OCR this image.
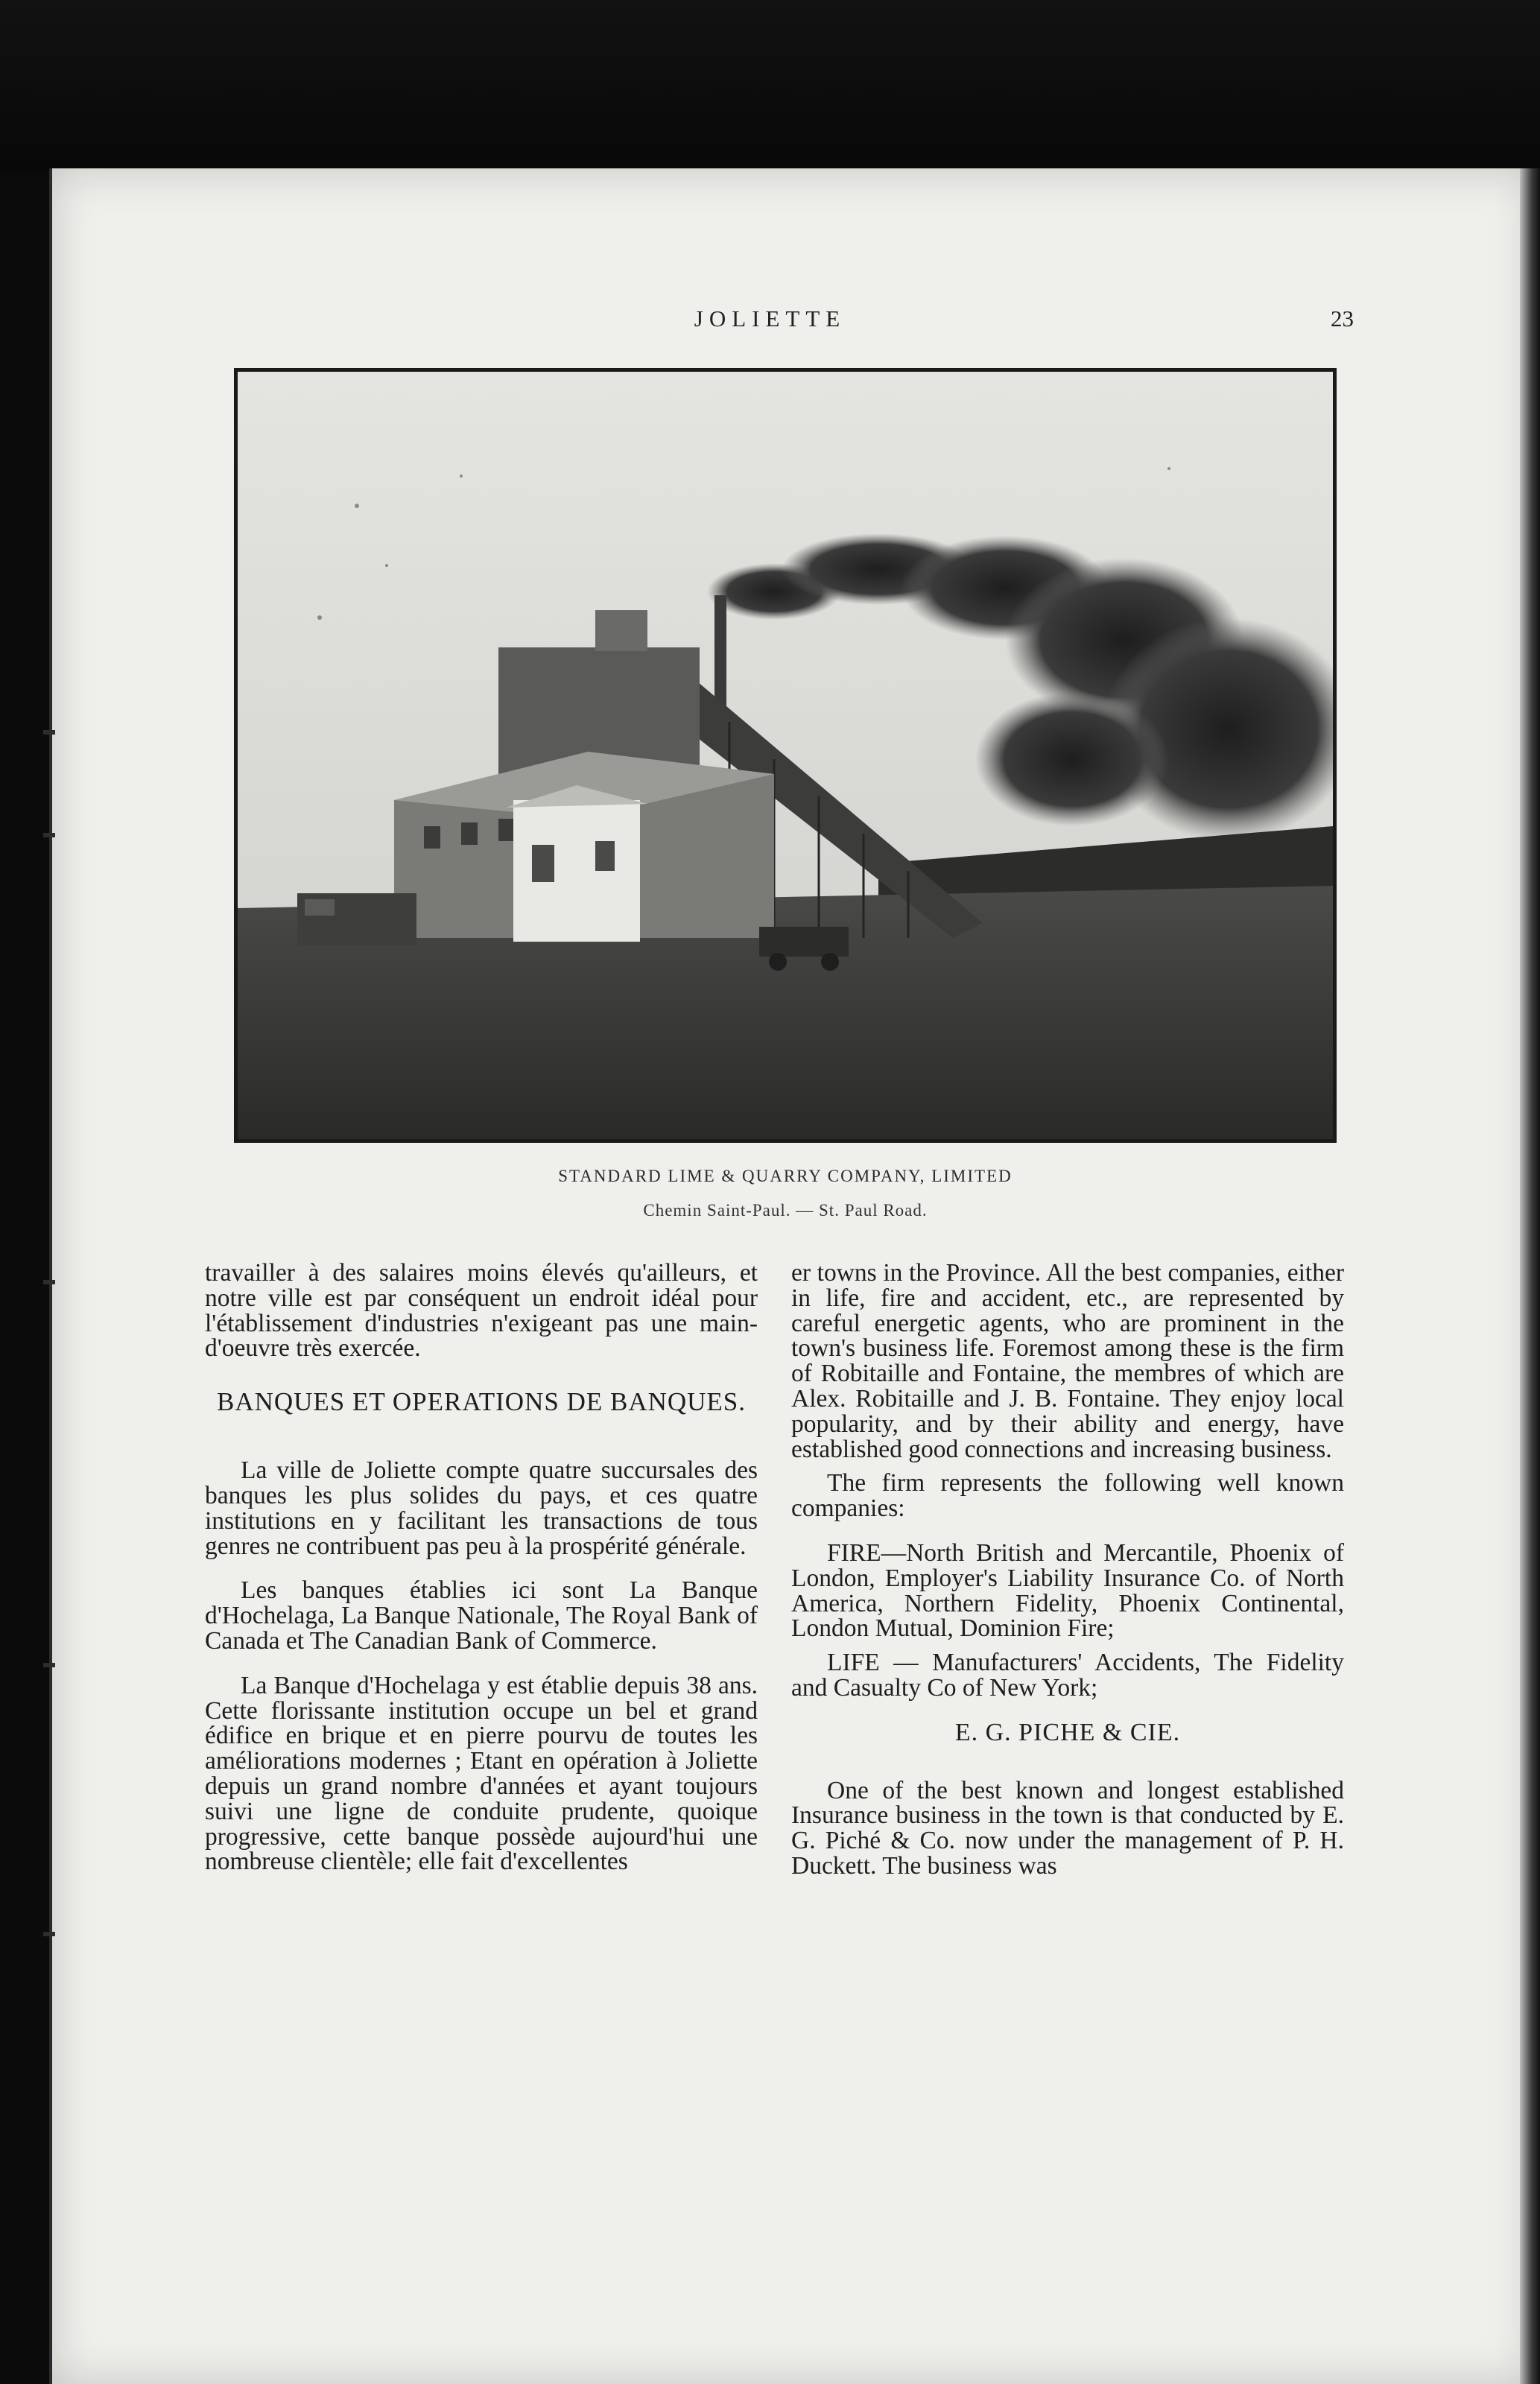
JOLIETTE	23
STANDARD LIME & QUARRY COMPANY, LIMITED
Chemin Saint-Paul. — St. Paul Road.

travailler à des salaires moins élevés qu'ailleurs, et notre ville est par conséquent un endroit idéal pour l'établissement d'industries n'exigeant pas une main-d'oeuvre très exercée.

BANQUES ET OPERATIONS DE BANQUES.

La ville de Joliette compte quatre succursales des banques les plus solides du pays, et ces quatre institutions en y facilitant les transactions de tous genres ne contribuent pas peu à la prospérité générale.

Les banques établies ici sont La Banque d'Hochelaga, La Banque Nationale, The Royal Bank of Canada et The Canadian Bank of Commerce.

La Banque d'Hochelaga y est établie depuis 38 ans. Cette florissante institution occupe un bel et grand édifice en brique et en pierre pourvu de toutes les améliorations modernes ; Etant en opération à Joliette depuis un grand nombre d'années et ayant toujours suivi une ligne de conduite prudente, quoique progressive, cette banque possède aujourd'hui une nombreuse clientèle; elle fait d'excellentes

er towns in the Province. All the best companies, either in life, fire and accident, etc., are represented by careful energetic agents, who are prominent in the town's business life. Foremost among these is the firm of Robitaille and Fontaine, the membres of which are Alex. Robitaille and J. B. Fontaine. They enjoy local popularity, and by their ability and energy, have established good connections and increasing business.

The firm represents the following well known companies:

FIRE—North British and Mercantile, Phoenix of London, Employer's Liability Insurance Co. of North America, Northern Fidelity, Phoenix Continental, London Mutual, Dominion Fire;

LIFE — Manufacturers' Accidents, The Fidelity and Casualty Co of New York;

E. G. PICHE & CIE.

One of the best known and longest established Insurance business in the town is that conducted by E. G. Piché & Co. now under the management of P. H. Duckett. The business was
